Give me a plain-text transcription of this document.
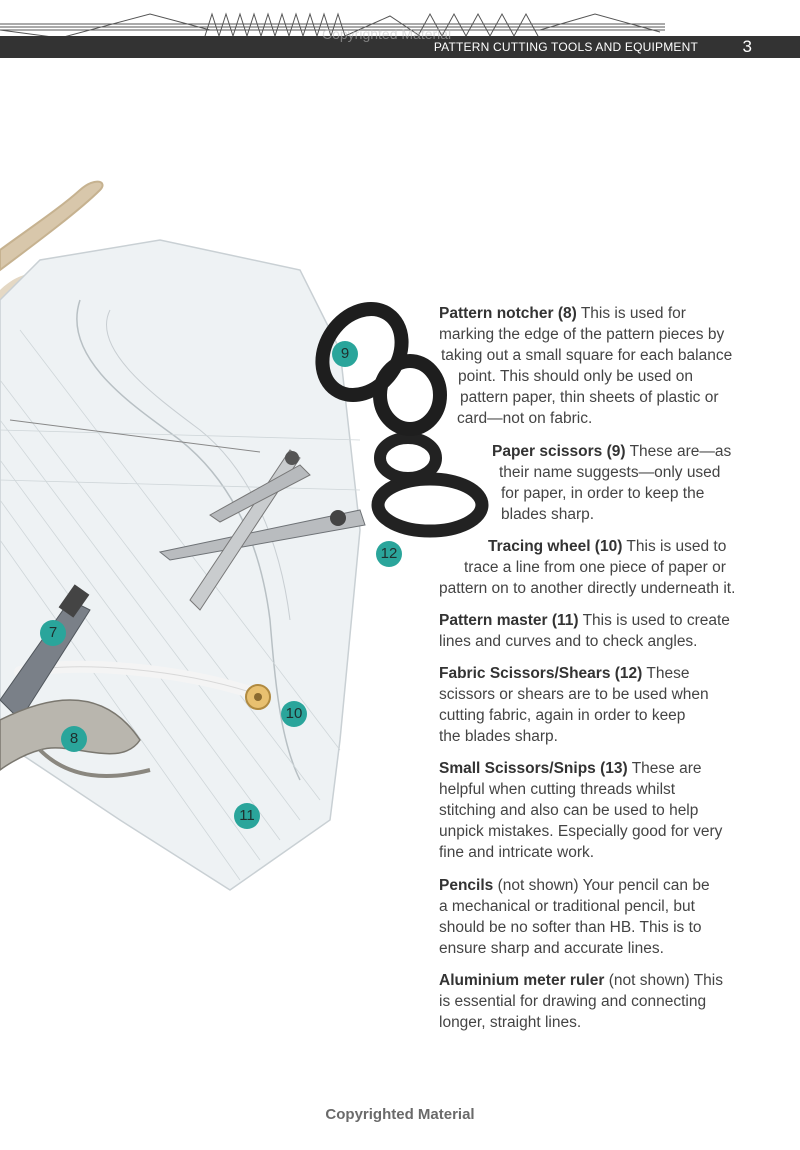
Copyrighted Material
PATTERN CUTTING TOOLS AND EQUIPMENT	3
7
8
9
10
11
12
Pattern notcher (8) This is used for
marking the edge of the pattern pieces by
taking out a small square for each balance
point. This should only be used on
pattern paper, thin sheets of plastic or
card—not on fabric.
Paper scissors (9) These are—as
their name suggests—only used
for paper, in order to keep the
blades sharp.
Tracing wheel (10) This is used to
trace a line from one piece of paper or
pattern on to another directly underneath it.
Pattern master (11) This is used to create
lines and curves and to check angles.
Fabric Scissors/Shears (12) These
scissors or shears are to be used when
cutting fabric, again in order to keep
the blades sharp.
Small Scissors/Snips (13) These are
helpful when cutting threads whilst
stitching and also can be used to help
unpick mistakes. Especially good for very
fine and intricate work.
Pencils (not shown) Your pencil can be
a mechanical or traditional pencil, but
should be no softer than HB. This is to
ensure sharp and accurate lines.
Aluminium meter ruler (not shown) This
is essential for drawing and connecting
longer, straight lines.
Copyrighted Material
